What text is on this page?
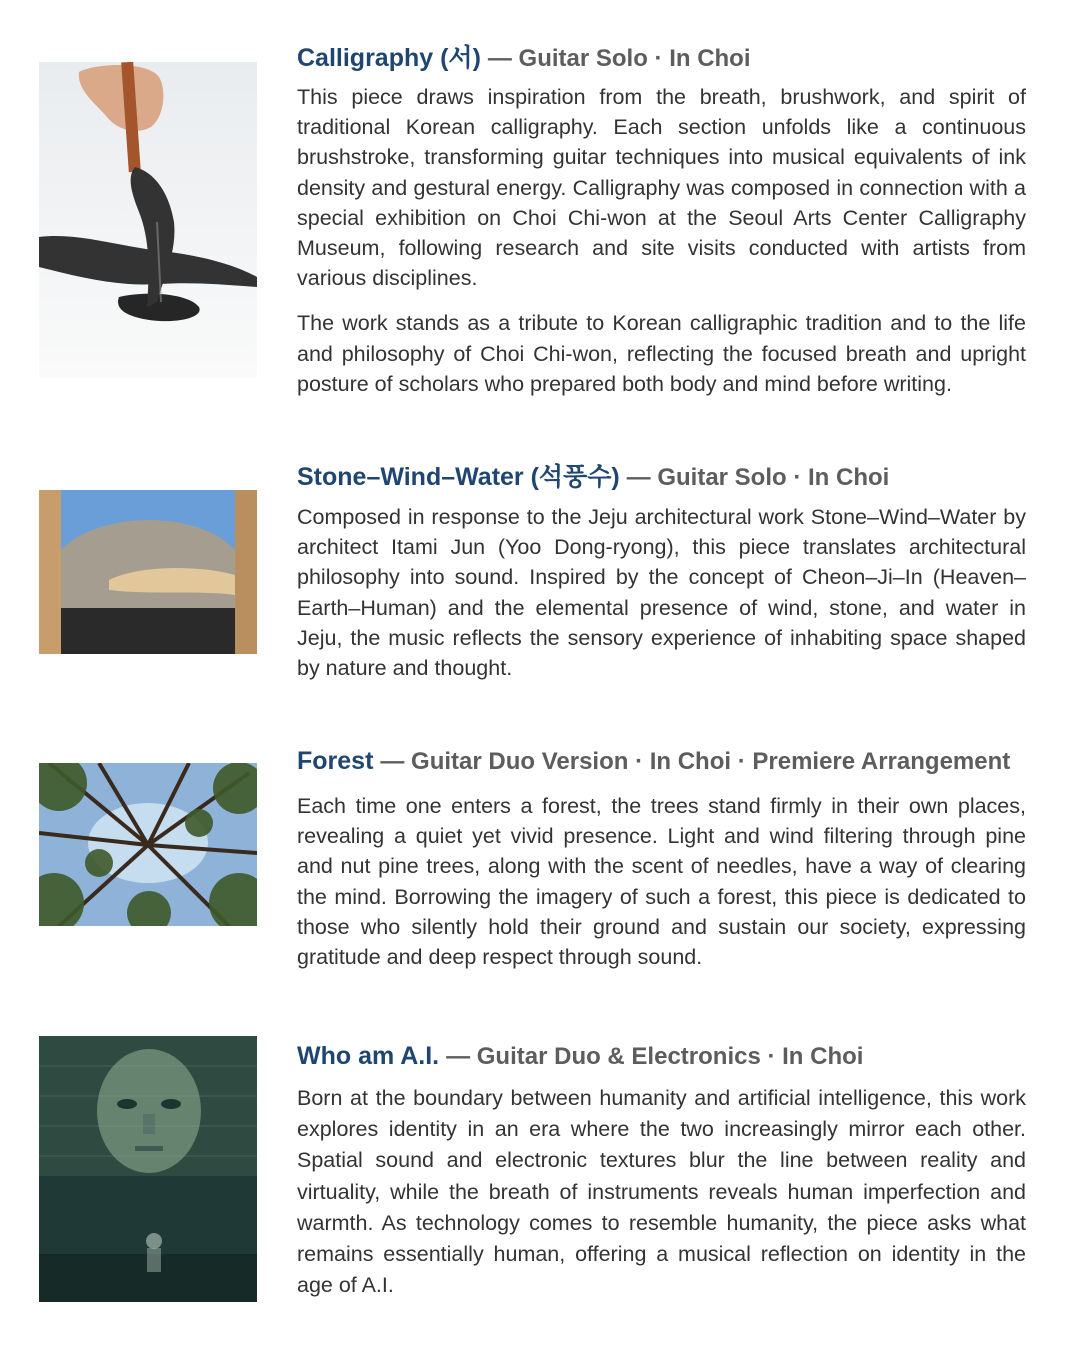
Calligraphy (서) — Guitar Solo · In Choi

This piece draws inspiration from the breath, brushwork, and spirit of traditional Korean calligraphy. Each section unfolds like a continuous brushstroke, transforming guitar techniques into musical equivalents of ink density and gestural energy. Calligraphy was composed in connection with a special exhibition on Choi Chi-won at the Seoul Arts Center Calligraphy Museum, following research and site visits conducted with artists from various disciplines.

The work stands as a tribute to Korean calligraphic tradition and to the life and philosophy of Choi Chi-won, reflecting the focused breath and upright posture of scholars who prepared both body and mind before writing.

Stone–Wind–Water (석풍수) — Guitar Solo · In Choi

Composed in response to the Jeju architectural work Stone–Wind–Water by architect Itami Jun (Yoo Dong-ryong), this piece translates architectural philosophy into sound. Inspired by the concept of Cheon–Ji–In (Heaven–Earth–Human) and the elemental presence of wind, stone, and water in Jeju, the music reflects the sensory experience of inhabiting space shaped by nature and thought.

Forest — Guitar Duo Version · In Choi · Premiere Arrangement

Each time one enters a forest, the trees stand firmly in their own places, revealing a quiet yet vivid presence. Light and wind filtering through pine and nut pine trees, along with the scent of needles, have a way of clearing the mind. Borrowing the imagery of such a forest, this piece is dedicated to those who silently hold their ground and sustain our society, expressing gratitude and deep respect through sound.

Who am A.I. — Guitar Duo & Electronics · In Choi

Born at the boundary between humanity and artificial intelligence, this work explores identity in an era where the two increasingly mirror each other. Spatial sound and electronic textures blur the line between reality and virtuality, while the breath of instruments reveals human imperfection and warmth. As technology comes to resemble humanity, the piece asks what remains essentially human, offering a musical reflection on identity in the age of A.I.
